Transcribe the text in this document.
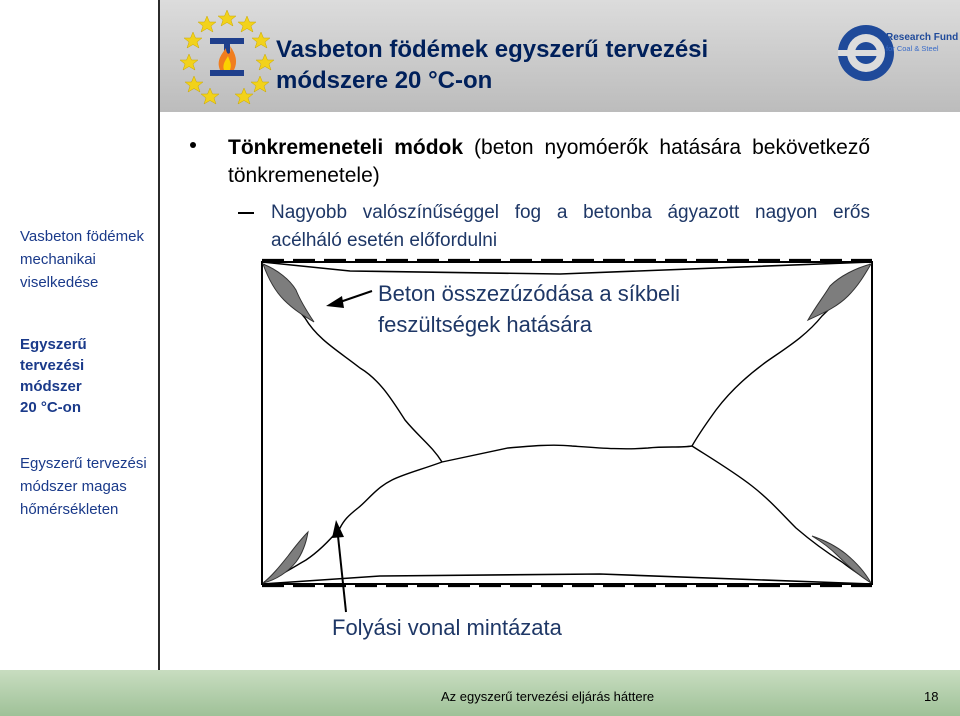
Vasbeton födémek egyszerű tervezési
módszere 20 °C-on
Research Fund
for Coal & Steel
Vasbeton födémek
mechanikai
viselkedése
Egyszerű
tervezési
módszer
20 °C-on
Egyszerű tervezési
módszer magas
hőmérsékleten
Tönkremeneteli módok (beton nyomóerők hatására bekövetkező tönkremenetele)
Nagyobb valószínűséggel fog a betonba ágyazott nagyon erős acélháló esetén előfordulni
Beton összezúzódása a síkbeli
feszültségek hatására
Folyási vonal mintázata
Az egyszerű tervezési eljárás háttere	18
